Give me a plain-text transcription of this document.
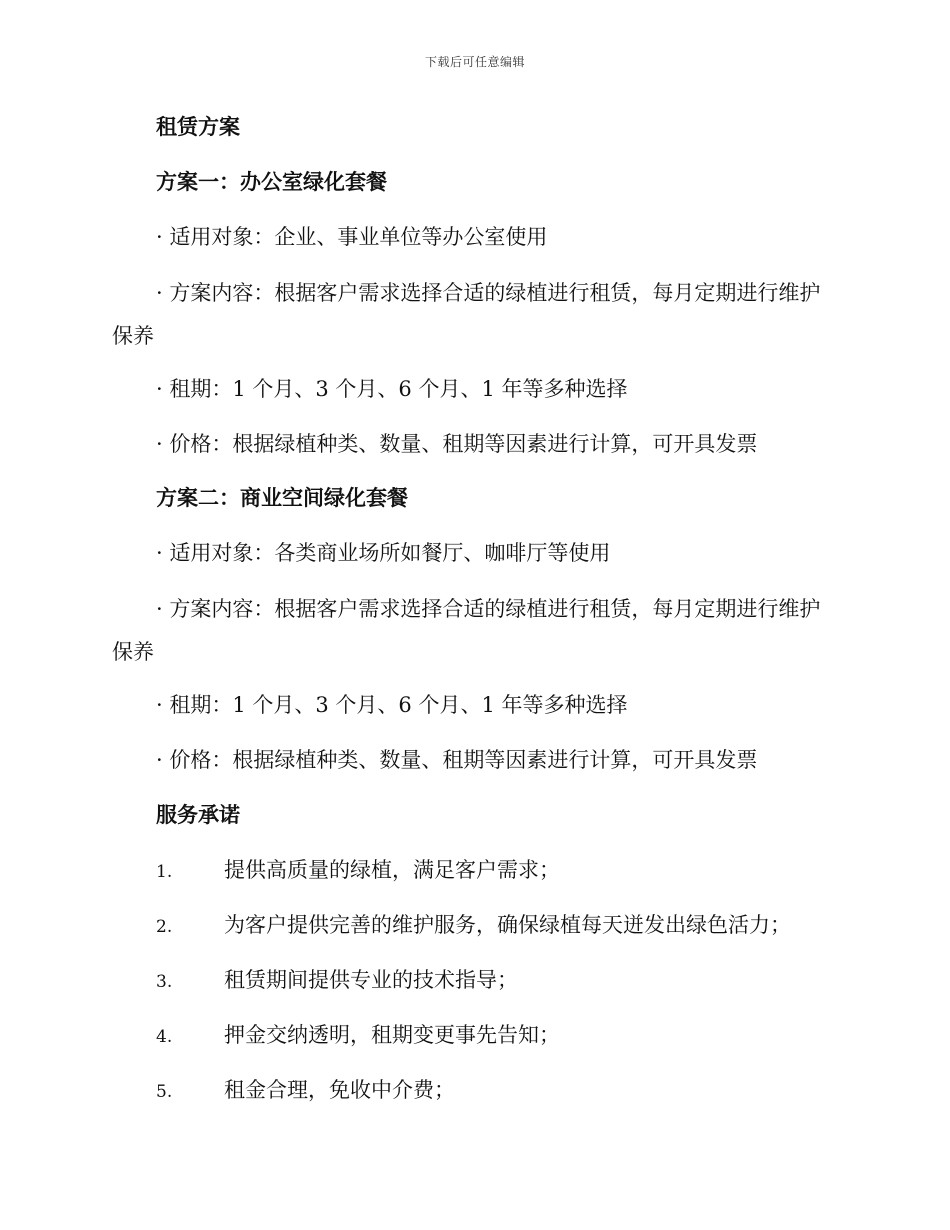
下载后可任意编辑
租赁方案
方案一：办公室绿化套餐
· 适用对象：企业、事业单位等办公室使用
· 方案内容：根据客户需求选择合适的绿植进行租赁，每月定期进行维护保养
· 租期：1 个月、3 个月、6 个月、1 年等多种选择
· 价格：根据绿植种类、数量、租期等因素进行计算，可开具发票
方案二：商业空间绿化套餐
· 适用对象：各类商业场所如餐厅、咖啡厅等使用
· 方案内容：根据客户需求选择合适的绿植进行租赁，每月定期进行维护保养
· 租期：1 个月、3 个月、6 个月、1 年等多种选择
· 价格：根据绿植种类、数量、租期等因素进行计算，可开具发票
服务承诺
1. 提供高质量的绿植，满足客户需求；
2. 为客户提供完善的维护服务，确保绿植每天迸发出绿色活力；
3. 租赁期间提供专业的技术指导；
4. 押金交纳透明，租期变更事先告知；
5. 租金合理，免收中介费；
